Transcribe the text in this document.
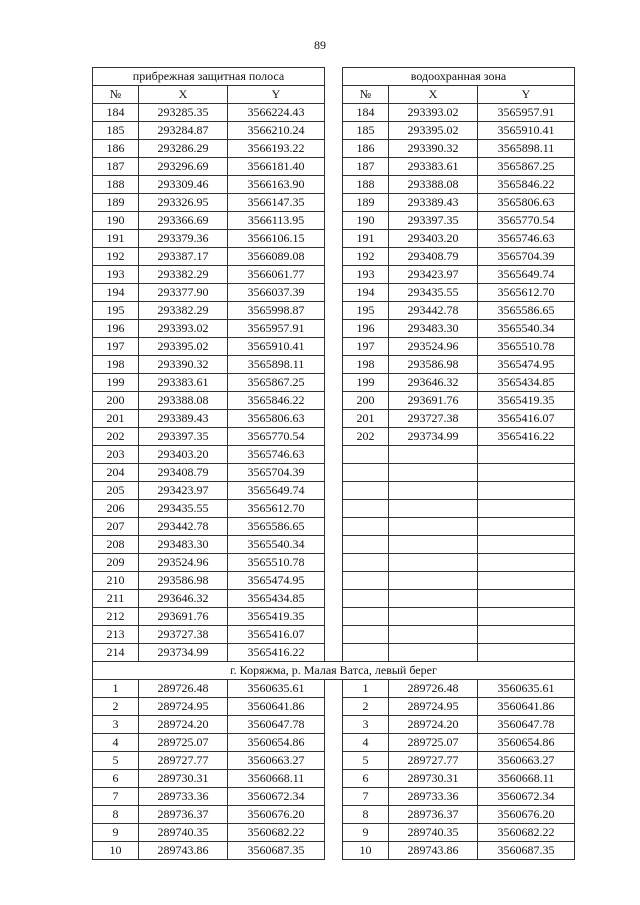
89
прибрежная защитная полоса				водоохранная зона		
№	X	Y		№	X	Y
184	293285.35	3566224.43		184	293393.02	3565957.91
185	293284.87	3566210.24		185	293395.02	3565910.41
186	293286.29	3566193.22		186	293390.32	3565898.11
187	293296.69	3566181.40		187	293383.61	3565867.25
188	293309.46	3566163.90		188	293388.08	3565846.22
189	293326.95	3566147.35		189	293389.43	3565806.63
190	293366.69	3566113.95		190	293397.35	3565770.54
191	293379.36	3566106.15		191	293403.20	3565746.63
192	293387.17	3566089.08		192	293408.79	3565704.39
193	293382.29	3566061.77		193	293423.97	3565649.74
194	293377.90	3566037.39		194	293435.55	3565612.70
195	293382.29	3565998.87		195	293442.78	3565586.65
196	293393.02	3565957.91		196	293483.30	3565540.34
197	293395.02	3565910.41		197	293524.96	3565510.78
198	293390.32	3565898.11		198	293586.98	3565474.95
199	293383.61	3565867.25		199	293646.32	3565434.85
200	293388.08	3565846.22		200	293691.76	3565419.35
201	293389.43	3565806.63		201	293727.38	3565416.07
202	293397.35	3565770.54		202	293734.99	3565416.22
203	293403.20	3565746.63				
204	293408.79	3565704.39				
205	293423.97	3565649.74				
206	293435.55	3565612.70				
207	293442.78	3565586.65				
208	293483.30	3565540.34				
209	293524.96	3565510.78				
210	293586.98	3565474.95				
211	293646.32	3565434.85				
212	293691.76	3565419.35				
213	293727.38	3565416.07				
214	293734.99	3565416.22				
г. Коряжма, р. Малая Ватса, левый берег						
1	289726.48	3560635.61		1	289726.48	3560635.61
2	289724.95	3560641.86		2	289724.95	3560641.86
3	289724.20	3560647.78		3	289724.20	3560647.78
4	289725.07	3560654.86		4	289725.07	3560654.86
5	289727.77	3560663.27		5	289727.77	3560663.27
6	289730.31	3560668.11		6	289730.31	3560668.11
7	289733.36	3560672.34		7	289733.36	3560672.34
8	289736.37	3560676.20		8	289736.37	3560676.20
9	289740.35	3560682.22		9	289740.35	3560682.22
10	289743.86	3560687.35		10	289743.86	3560687.35
